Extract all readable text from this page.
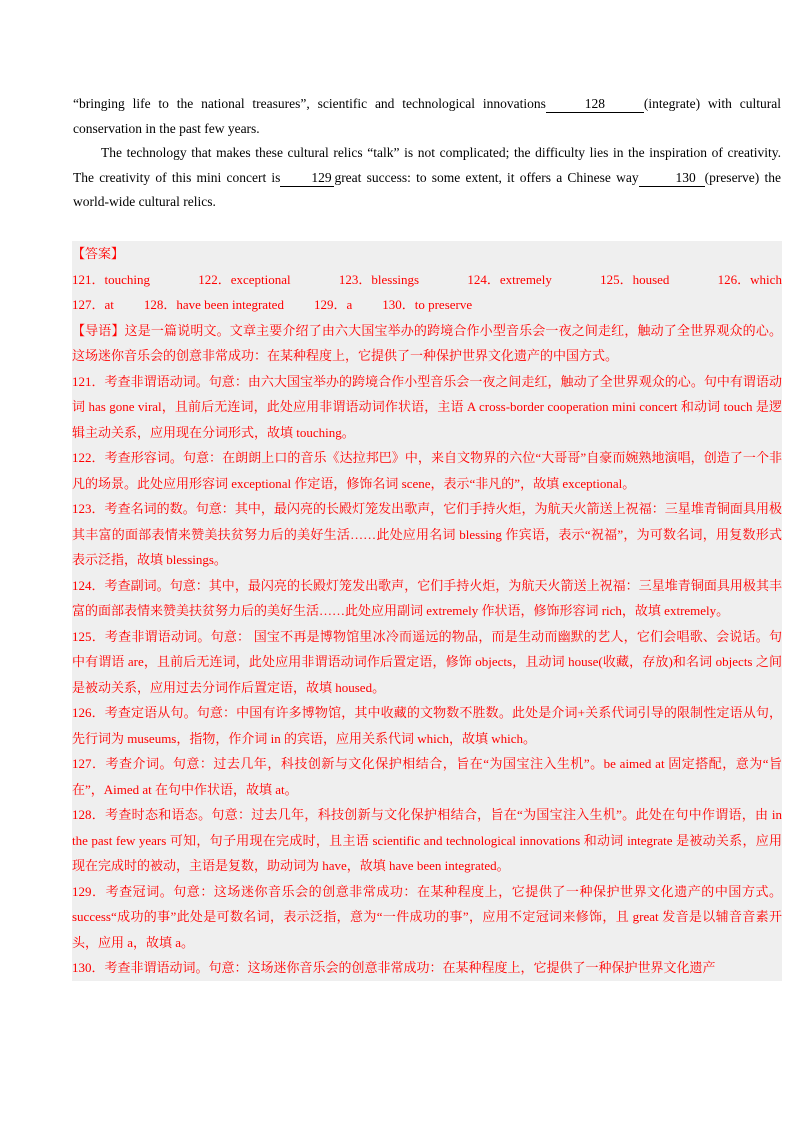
“bringing life to the national treasures”, scientific and technological innovations	128	(integrate) with cultural conservation in the past few years.

The technology that makes these cultural relics “talk” is not complicated; the difficulty lies in the inspiration of creativity. The creativity of this mini concert is 129 great success: to some extent, it offers a Chinese way	130 (preserve) the world-wide cultural relics.

【答案】

121．touching	122．exceptional	123．blessings	124．extremely	125．housed	126．which
127．at 128．have been integrated 129．a 130．to preserve

【导语】这是一篇说明文。文章主要介绍了由六大国宝举办的跨境合作小型音乐会一夜之间走红，触动了全世界观众的心。这场迷你音乐会的创意非常成功：在某种程度上，它提供了一种保护世界文化遗产的中国方式。

121．考查非谓语动词。句意：由六大国宝举办的跨境合作小型音乐会一夜之间走红，触动了全世界观众的心。句中有谓语动词 has gone viral，且前后无连词，此处应用非谓语动词作状语，主语 A cross-border cooperation mini concert 和动词 touch 是逻辑主动关系，应用现在分词形式，故填 touching。

122．考查形容词。句意：在朗朗上口的音乐《达拉邦巴》中，来自文物界的六位“大哥哥”自豪而婉熟地演唱，创造了一个非凡的场景。此处应用形容词 exceptional 作定语，修饰名词 scene，表示“非凡的”，故填 exceptional。

123．考查名词的数。句意：其中，最闪亮的长殿灯笼发出歌声，它们手持火炬，为航天火箭送上祝福：三星堆青铜面具用极其丰富的面部表情来赞美扶贫努力后的美好生活……此处应用名词 blessing 作宾语，表示“祝福”，为可数名词，用复数形式表示泛指，故填 blessings。

124．考查副词。句意：其中，最闪亮的长殿灯笼发出歌声，它们手持火炬，为航天火箭送上祝福：三星堆青铜面具用极其丰富的面部表情来赞美扶贫努力后的美好生活……此处应用副词 extremely 作状语，修饰形容词 rich，故填 extremely。

125．考查非谓语动词。句意： 国宝不再是博物馆里冰冷而遥远的物品，而是生动而幽默的艺人，它们会唱歌、会说话。句中有谓语 are，且前后无连词，此处应用非谓语动词作后置定语，修饰 objects，且动词 house(收藏，存放)和名词 objects 之间是被动关系，应用过去分词作后置定语，故填 housed。

126．考查定语从句。句意：中国有许多博物馆，其中收藏的文物数不胜数。此处是介词+关系代词引导的限制性定语从句，先行词为 museums，指物，作介词 in 的宾语，应用关系代词 which，故填 which。

127．考查介词。句意：过去几年，科技创新与文化保护相结合，旨在“为国宝注入生机”。be aimed at 固定搭配，意为“旨在”，Aimed at 在句中作状语，故填 at。

128．考查时态和语态。句意：过去几年，科技创新与文化保护相结合，旨在“为国宝注入生机”。此处在句中作谓语，由 in the past few years 可知，句子用现在完成时，且主语 scientific and technological innovations 和动词 integrate 是被动关系，应用现在完成时的被动，主语是复数，助动词为 have，故填 have been integrated。

129．考查冠词。句意：这场迷你音乐会的创意非常成功：在某种程度上，它提供了一种保护世界文化遗产的中国方式。success“成功的事”此处是可数名词，表示泛指，意为“一件成功的事”，应用不定冠词来修饰，且 great 发音是以辅音音素开头，应用 a，故填 a。

130．考查非谓语动词。句意：这场迷你音乐会的创意非常成功：在某种程度上，它提供了一种保护世界文化遗产
